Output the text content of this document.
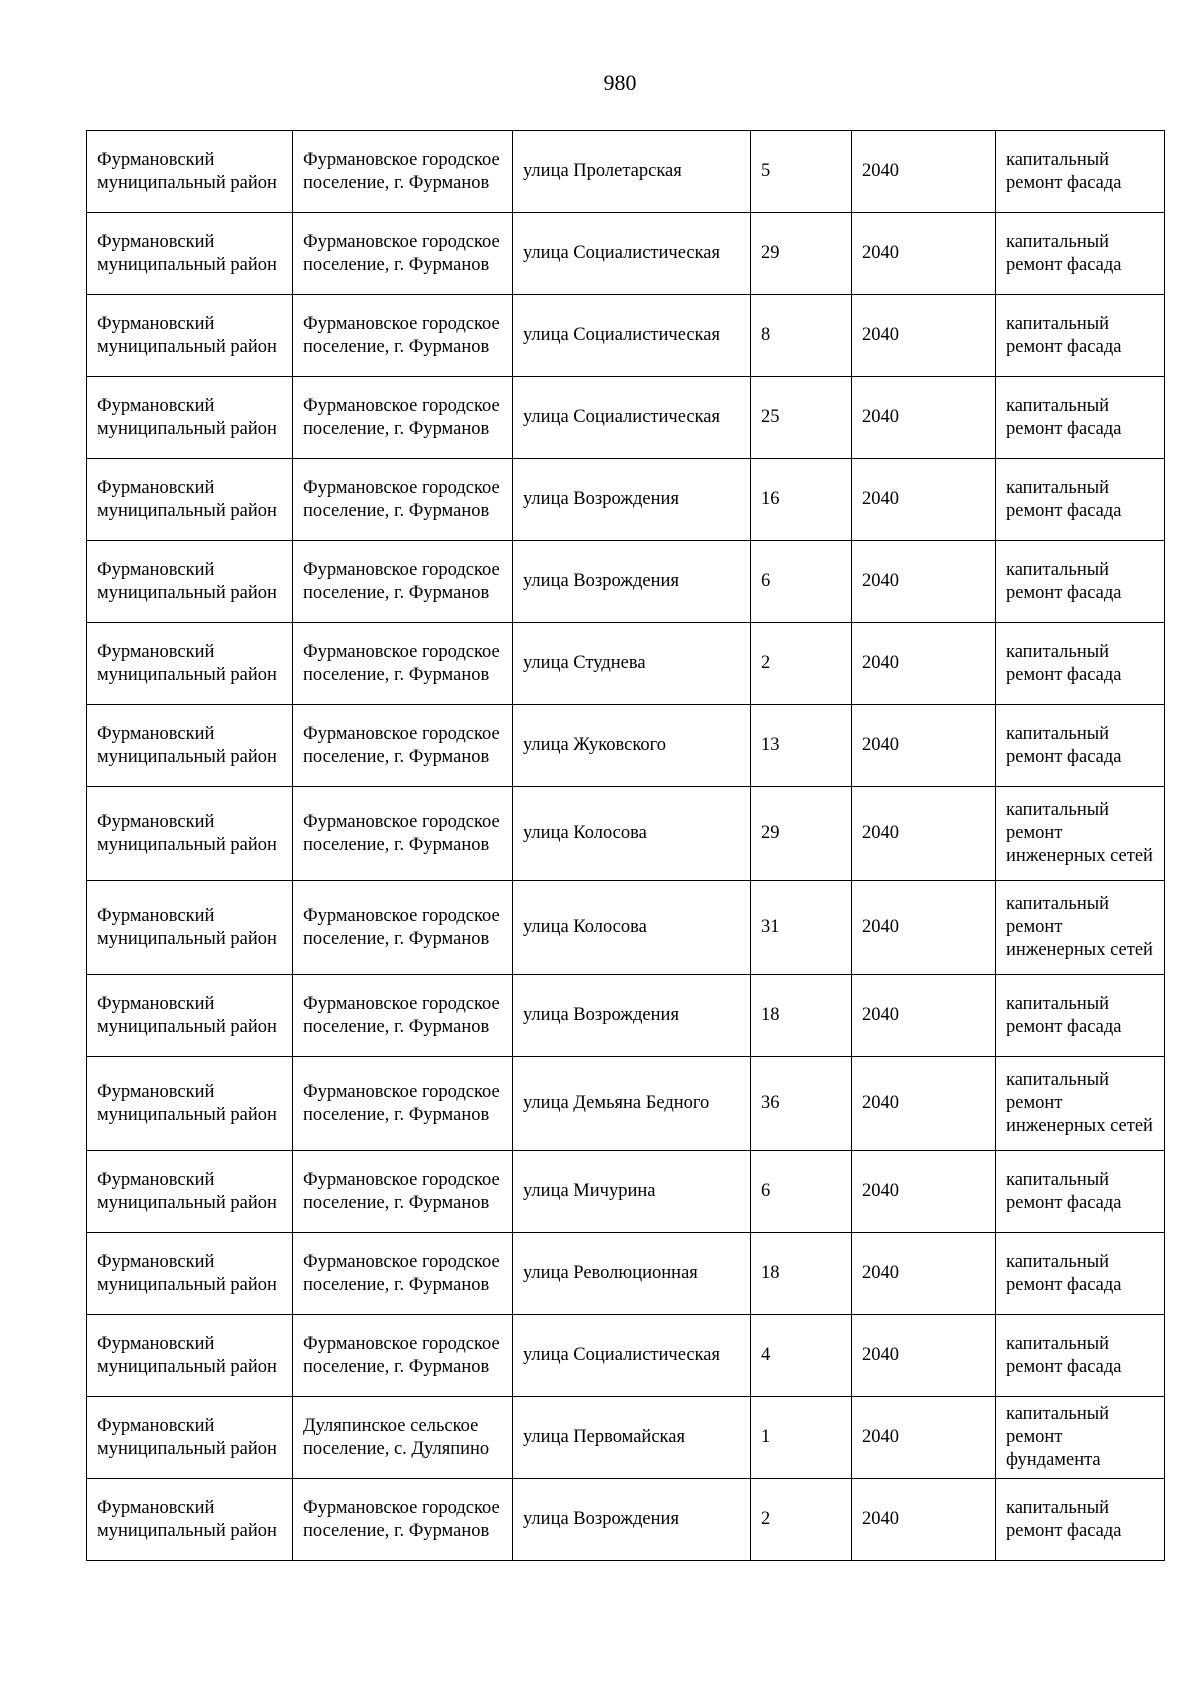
980
Фурмановский муниципальный район	Фурмановское городское поселение, г. Фурманов	улица Пролетарская	5	2040	капитальный ремонт фасада
Фурмановский муниципальный район	Фурмановское городское поселение, г. Фурманов	улица Социалистическая	29	2040	капитальный ремонт фасада
Фурмановский муниципальный район	Фурмановское городское поселение, г. Фурманов	улица Социалистическая	8	2040	капитальный ремонт фасада
Фурмановский муниципальный район	Фурмановское городское поселение, г. Фурманов	улица Социалистическая	25	2040	капитальный ремонт фасада
Фурмановский муниципальный район	Фурмановское городское поселение, г. Фурманов	улица Возрождения	16	2040	капитальный ремонт фасада
Фурмановский муниципальный район	Фурмановское городское поселение, г. Фурманов	улица Возрождения	6	2040	капитальный ремонт фасада
Фурмановский муниципальный район	Фурмановское городское поселение, г. Фурманов	улица Студнева	2	2040	капитальный ремонт фасада
Фурмановский муниципальный район	Фурмановское городское поселение, г. Фурманов	улица Жуковского	13	2040	капитальный ремонт фасада
Фурмановский муниципальный район	Фурмановское городское поселение, г. Фурманов	улица Колосова	29	2040	капитальный ремонт инженерных сетей
Фурмановский муниципальный район	Фурмановское городское поселение, г. Фурманов	улица Колосова	31	2040	капитальный ремонт инженерных сетей
Фурмановский муниципальный район	Фурмановское городское поселение, г. Фурманов	улица Возрождения	18	2040	капитальный ремонт фасада
Фурмановский муниципальный район	Фурмановское городское поселение, г. Фурманов	улица Демьяна Бедного	36	2040	капитальный ремонт инженерных сетей
Фурмановский муниципальный район	Фурмановское городское поселение, г. Фурманов	улица Мичурина	6	2040	капитальный ремонт фасада
Фурмановский муниципальный район	Фурмановское городское поселение, г. Фурманов	улица Революционная	18	2040	капитальный ремонт фасада
Фурмановский муниципальный район	Фурмановское городское поселение, г. Фурманов	улица Социалистическая	4	2040	капитальный ремонт фасада
Фурмановский муниципальный район	Дуляпинское сельское поселение, с. Дуляпино	улица Первомайская	1	2040	капитальный ремонт фундамента
Фурмановский муниципальный район	Фурмановское городское поселение, г. Фурманов	улица Возрождения	2	2040	капитальный ремонт фасада
